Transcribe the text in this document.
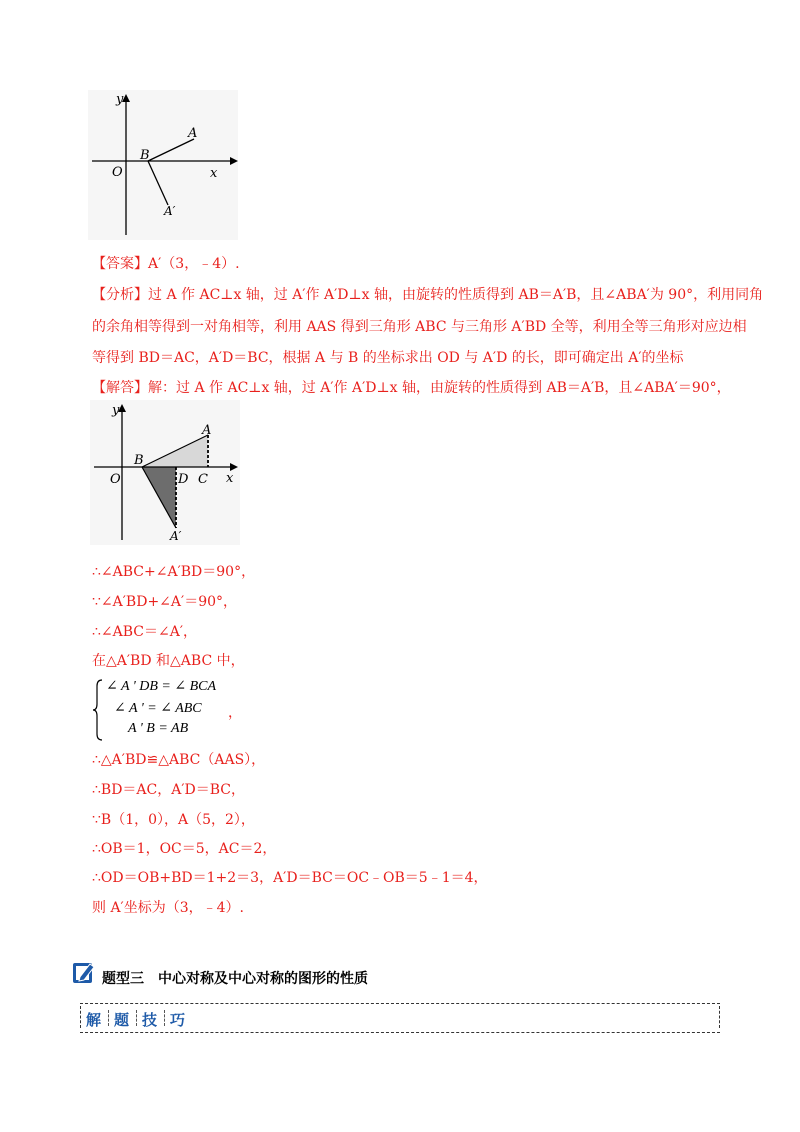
y
x
O
A
B
A′
【答案】A′（3，﹣4）.
【分析】过 A 作 AC⊥x 轴，过 A′作 A′D⊥x 轴，由旋转的性质得到 AB＝A′B，且∠ABA′为 90°，利用同角
的余角相等得到一对角相等，利用 AAS 得到三角形 ABC 与三角形 A′BD 全等，利用全等三角形对应边相
等得到 BD＝AC，A′D＝BC，根据 A 与 B 的坐标求出 OD 与 A′D 的长，即可确定出 A′的坐标
【解答】解：过 A 作 AC⊥x 轴，过 A′作 A′D⊥x 轴，由旋转的性质得到 AB＝A′B，且∠ABA′＝90°，
y
x
O
A
B
C
D
A′
∴∠ABC+∠A′BD＝90°，
∵∠A′BD+∠A′＝90°，
∴∠ABC＝∠A′，
在△A′BD 和△ABC 中，
∠ A ' DB = ∠ BCA
∠ A ' = ∠ ABC
A ' B = AB
，
∴△A′BD≌△ABC（AAS），
∴BD＝AC，A′D＝BC，
∵B（1，0），A（5，2），
∴OB＝1，OC＝5，AC＝2，
∴OD＝OB+BD＝1+2＝3，A′D＝BC＝OC﹣OB＝5﹣1＝4，
则 A′坐标为（3，﹣4）.
题型三　中心对称及中心对称的图形的性质
解 题 技 巧
